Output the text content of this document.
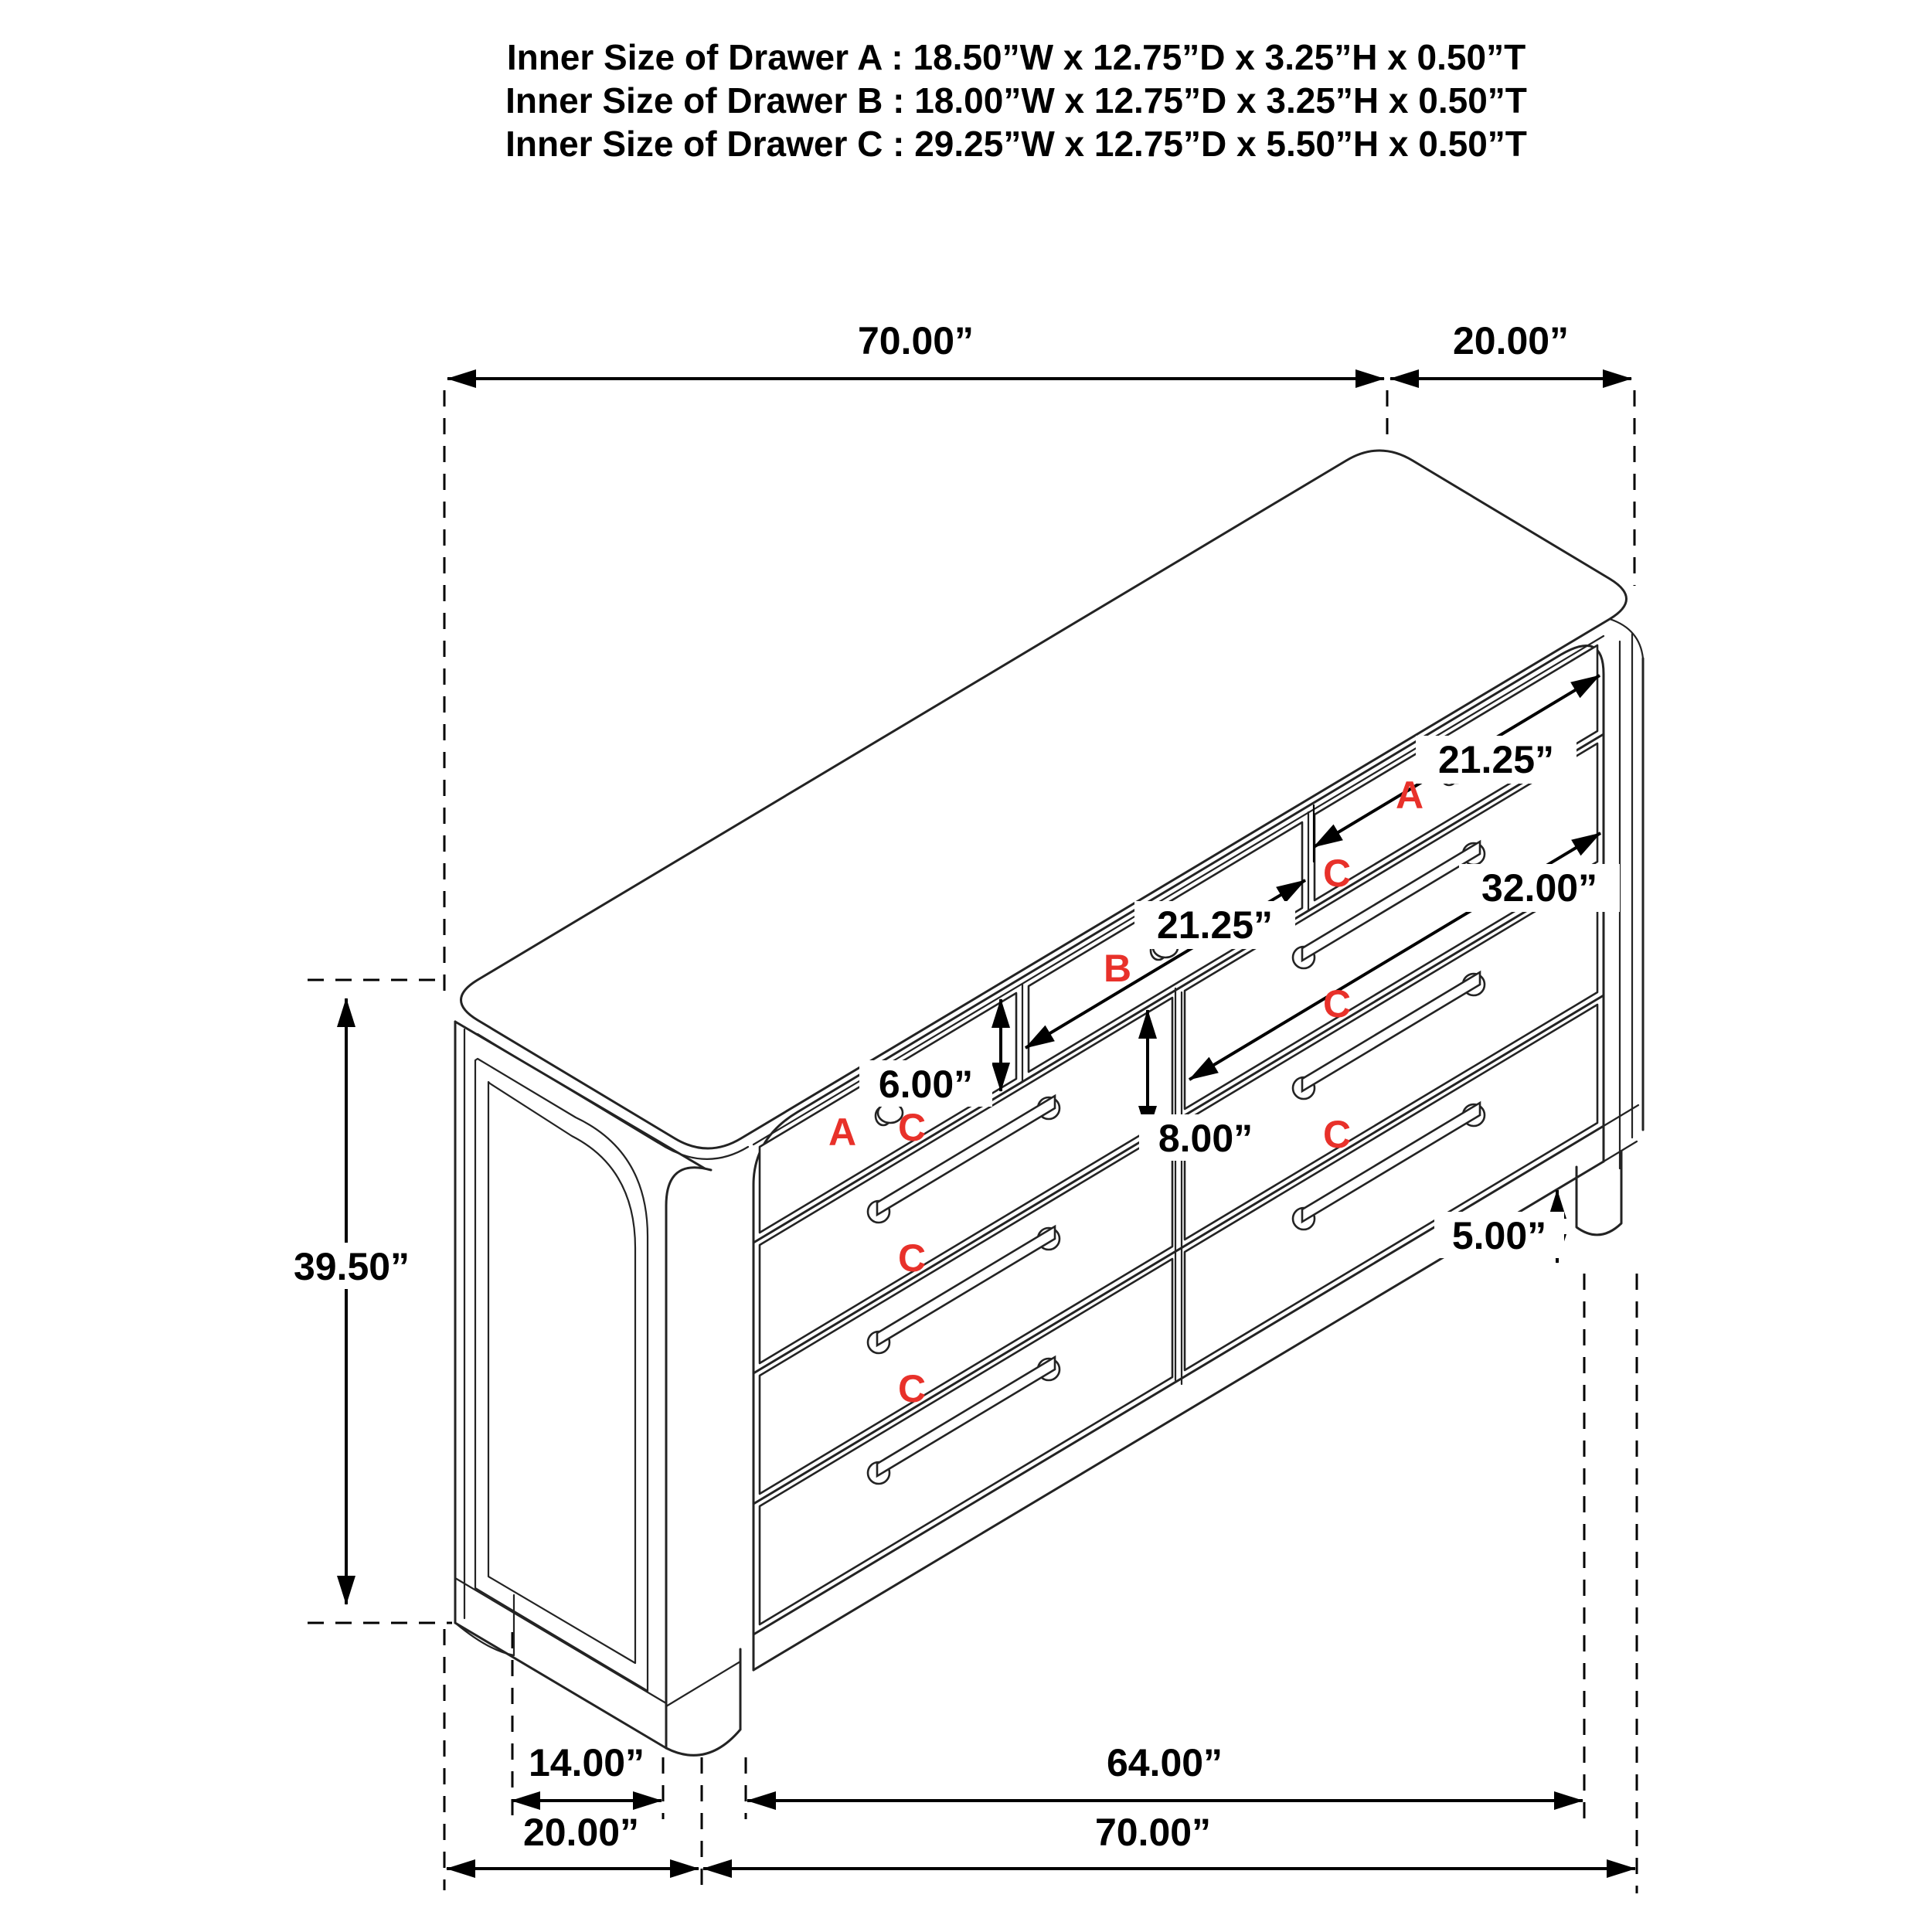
Inner Size of Drawer A : 18.50”W x 12.75”D x 3.25”H x 0.50”T
Inner Size of Drawer B : 18.00”W x 12.75”D x 3.25”H x 0.50”T
Inner Size of Drawer C : 29.25”W x 12.75”D x 5.50”H x 0.50”T
70.00”	20.00”
39.50”
6.00”
8.00”
5.00”
21.25”
21.25”
32.00”
14.00”	64.00”
20.00”	70.00”
A
B
A
C
C
C
C
C
C
